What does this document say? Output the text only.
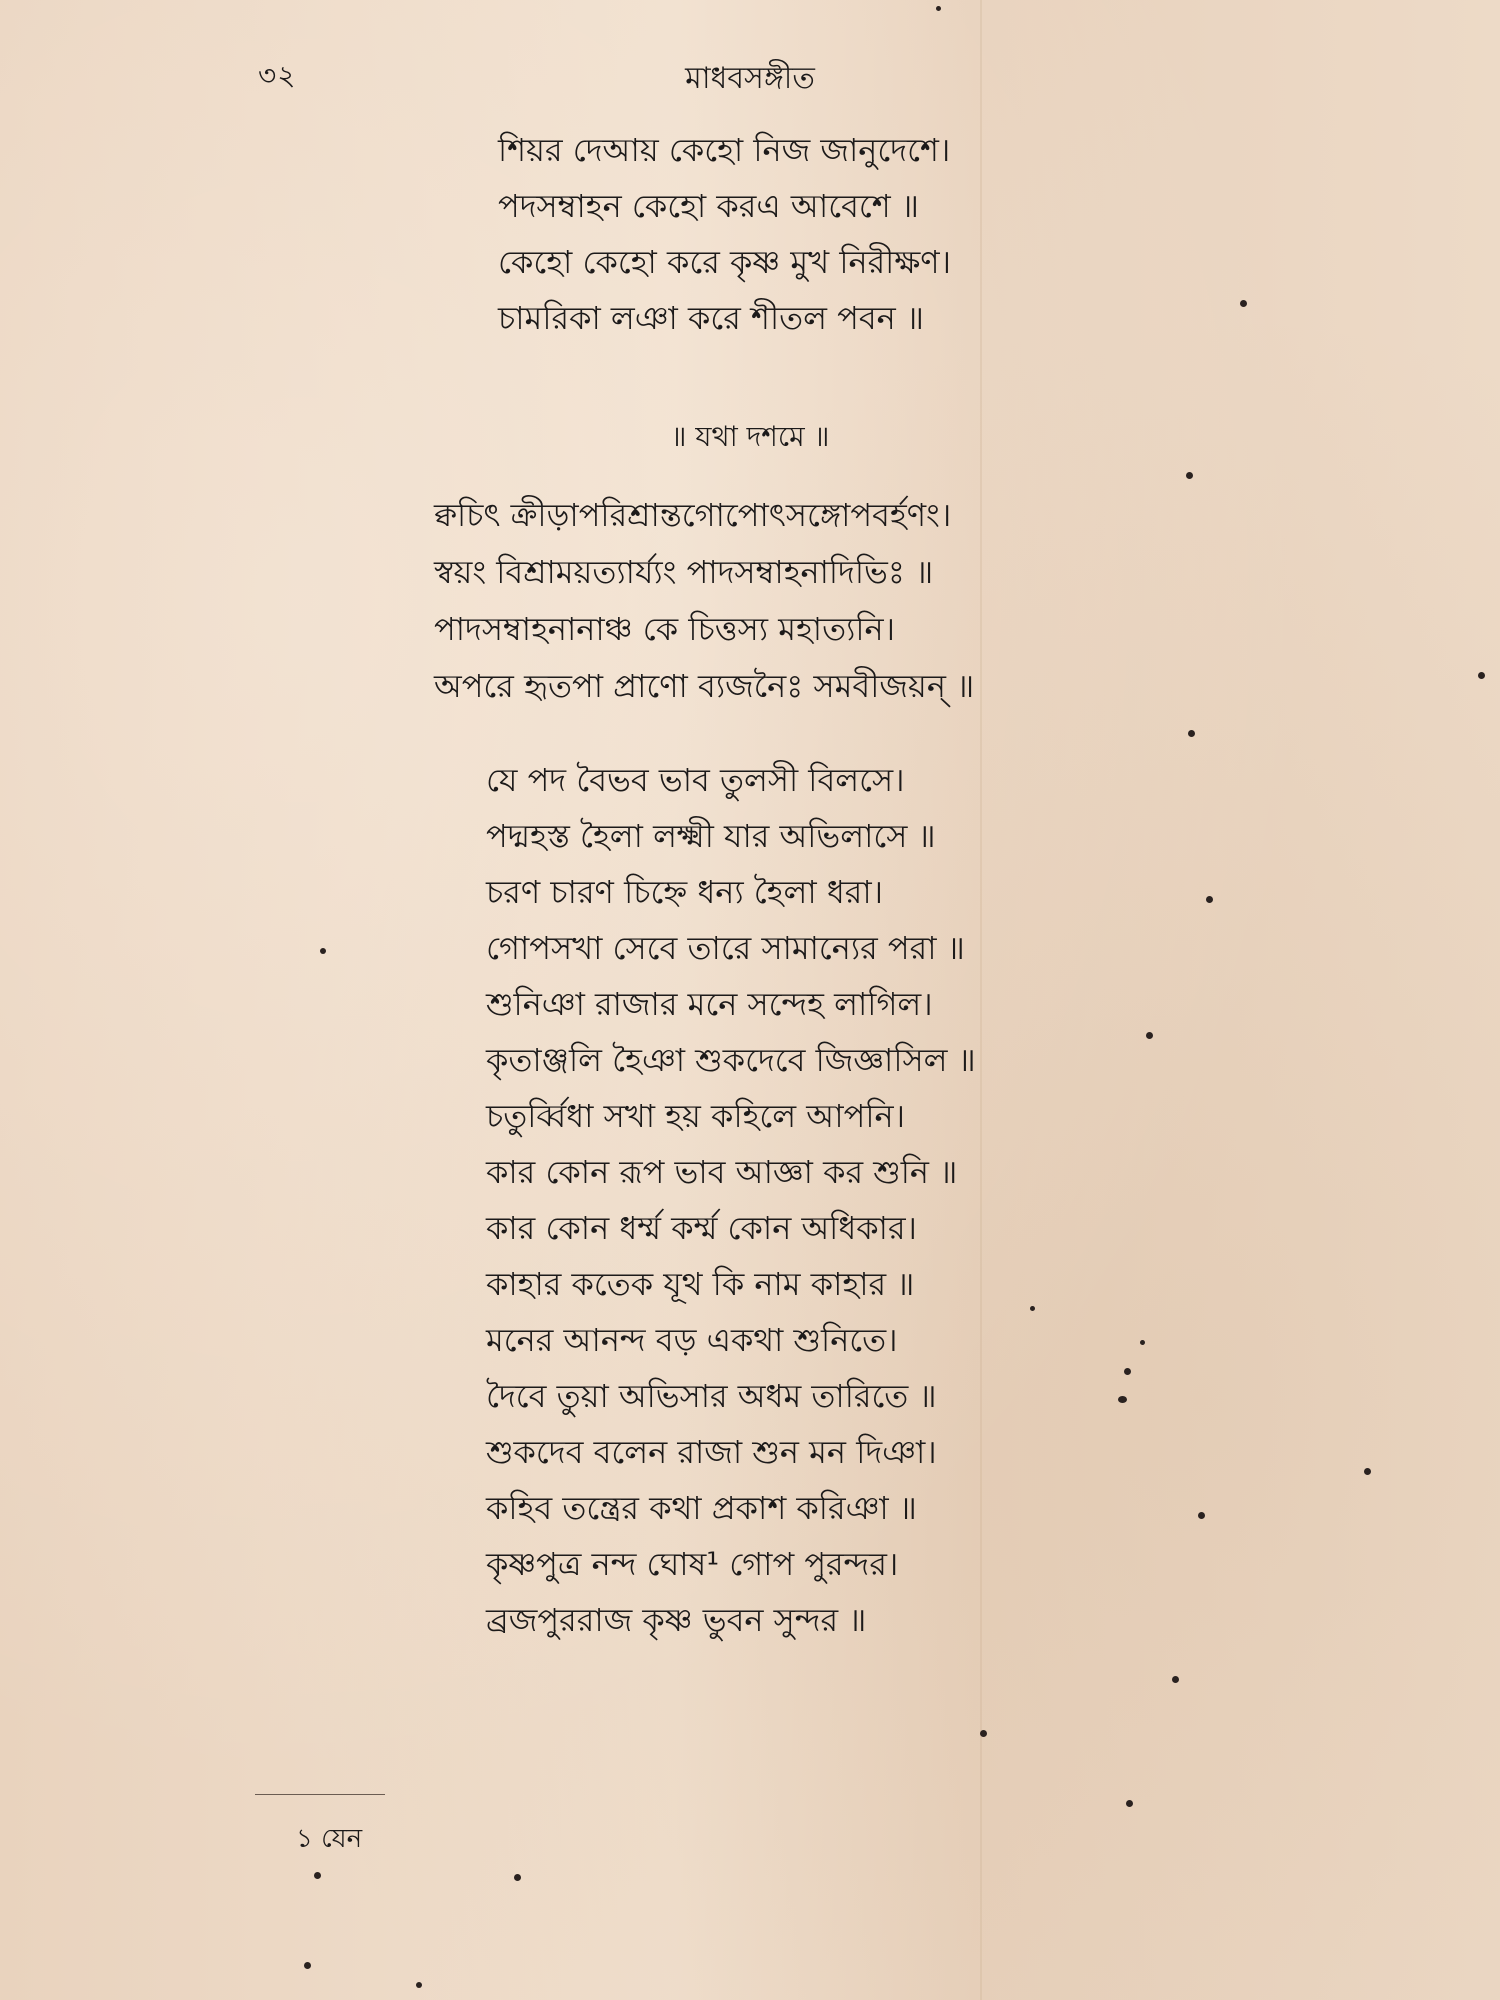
৩২	মাধবসঙ্গীত
শিয়র দেআয় কেহো নিজ জানুদেশে।
পদসম্বাহন কেহো করএ আবেশে ॥
কেহো কেহো করে কৃষ্ণ মুখ নিরীক্ষণ।
চামরিকা লঞা করে শীতল পবন ॥
॥ যথা দশমে ॥
ক্বচিৎ ক্রীড়াপরিশ্রান্তগোপোৎসঙ্গোপবর্হণং।
স্বয়ং বিশ্রাময়ত্যার্য্যং পাদসম্বাহনাদিভিঃ ॥
পাদসম্বাহনানাঞ্চ কে চিত্তস্য মহাত্যনি।
অপরে হৃতপা প্রাণো ব্যজনৈঃ সমবীজয়ন্ ॥
যে পদ বৈভব ভাব তুলসী বিলসে।
পদ্মহস্ত হৈলা লক্ষ্মী যার অভিলাসে ॥
চরণ চারণ চিহ্নে ধন্য হৈলা ধরা।
গোপসখা সেবে তারে সামান্যের পরা ॥
শুনিঞা রাজার মনে সন্দেহ লাগিল।
কৃতাঞ্জলি হৈঞা শুকদেবে জিজ্ঞাসিল ॥
চতুর্ব্বিধা সখা হয় কহিলে আপনি।
কার কোন রূপ ভাব আজ্ঞা কর শুনি ॥
কার কোন ধর্ম্ম কর্ম্ম কোন অধিকার।
কাহার কতেক যূথ কি নাম কাহার ॥
মনের আনন্দ বড় একথা শুনিতে।
দৈবে তুয়া অভিসার অধম তারিতে ॥
শুকদেব বলেন রাজা শুন মন দিঞা।
কহিব তন্ত্রের কথা প্রকাশ করিঞা ॥
কৃষ্ণপুত্র নন্দ ঘোষ¹ গোপ পুরন্দর।
ব্রজপুররাজ কৃষ্ণ ভুবন সুন্দর ॥
১ যেন
